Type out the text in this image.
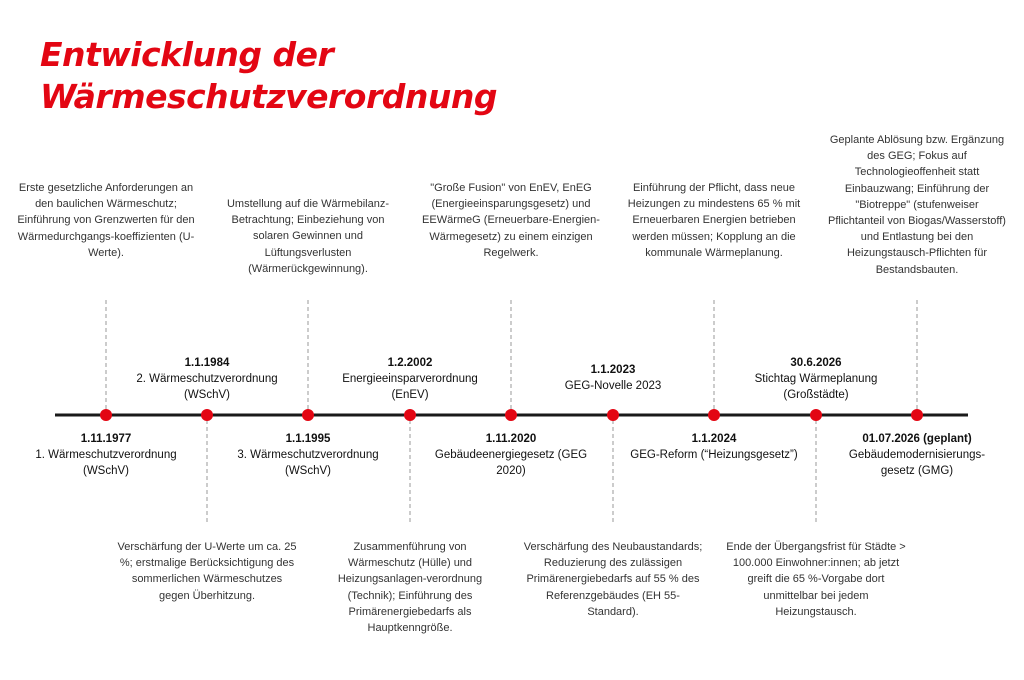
Entwicklung der
Wärmeschutzverordnung
1.11.1977
1. Wärmeschutzverordnung (WSchV)
1.1.1984
2. Wärmeschutzverordnung (WSchV)
1.1.1995
3. Wärmeschutzverordnung (WSchV)
1.2.2002
Energieeinsparverordnung (EnEV)
1.11.2020
Gebäudeenergiegesetz (GEG 2020)
1.1.2023
GEG-Novelle 2023
1.1.2024
GEG-Reform (“Heizungsgesetz”)
30.6.2026
Stichtag Wärmeplanung (Großstädte)
01.07.2026 (geplant)
Gebäudemodernisierungs-gesetz (GMG)
Erste gesetzliche Anforderungen an den baulichen Wärmeschutz; Einführung von Grenzwerten für den Wärmedurchgangs-koeffizienten (U-Werte).
Verschärfung der U-Werte um ca. 25 %; erstmalige Berücksichtigung des sommerlichen Wärmeschutzes gegen Überhitzung.
Umstellung auf die Wärmebilanz-Betrachtung; Einbeziehung von solaren Gewinnen und Lüftungsverlusten (Wärmerückgewinnung).
Zusammenführung von Wärmeschutz (Hülle) und Heizungsanlagen-verordnung (Technik); Einführung des Primärenergiebedarfs als Hauptkenngröße.
"Große Fusion" von EnEV, EnEG (Energieeinsparungsgesetz) und EEWärmeG (Erneuerbare-Energien-Wärmegesetz) zu einem einzigen Regelwerk.
Verschärfung des Neubaustandards; Reduzierung des zulässigen Primärenergiebedarfs auf 55 % des Referenzgebäudes (EH 55-Standard).
Einführung der Pflicht, dass neue Heizungen zu mindestens 65 % mit Erneuerbaren Energien betrieben werden müssen; Kopplung an die kommunale Wärmeplanung.
Ende der Übergangsfrist für Städte > 100.000 Einwohner:innen; ab jetzt greift die 65 %-Vorgabe dort unmittelbar bei jedem Heizungstausch.
Geplante Ablösung bzw. Ergänzung des GEG; Fokus auf Technologieoffenheit statt Einbauzwang; Einführung der "Biotreppe" (stufenweiser Pflichtanteil von Biogas/Wasserstoff) und Entlastung bei den Heizungstausch-Pflichten für Bestandsbauten.
